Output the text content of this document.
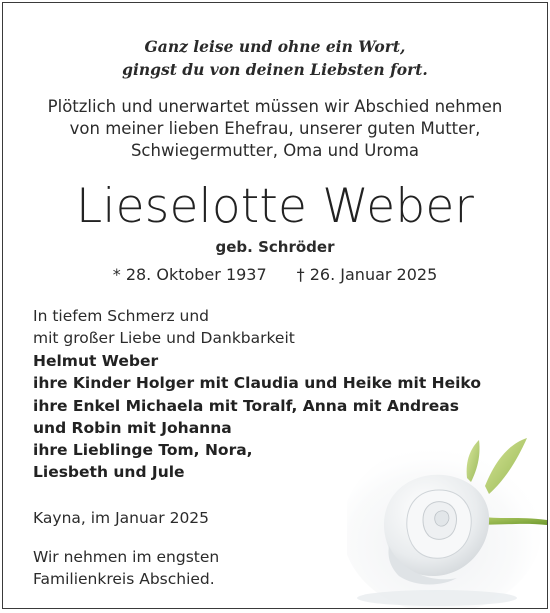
Ganz leise und ohne ein Wort,
gingst du von deinen Liebsten fort.
Plötzlich und unerwartet müssen wir Abschied nehmen
von meiner lieben Ehefrau, unserer guten Mutter,
Schwiegermutter, Oma und Uroma
Lieselotte Weber
geb. Schröder
* 28. Oktober 1937 † 26. Januar 2025
In tiefem Schmerz und
mit großer Liebe und Dankbarkeit
Helmut Weber
ihre Kinder Holger mit Claudia und Heike mit Heiko
ihre Enkel Michaela mit Toralf, Anna mit Andreas
und Robin mit Johanna
ihre Lieblinge Tom, Nora,
Liesbeth und Jule
Kayna, im Januar 2025
Wir nehmen im engsten
Familienkreis Abschied.
